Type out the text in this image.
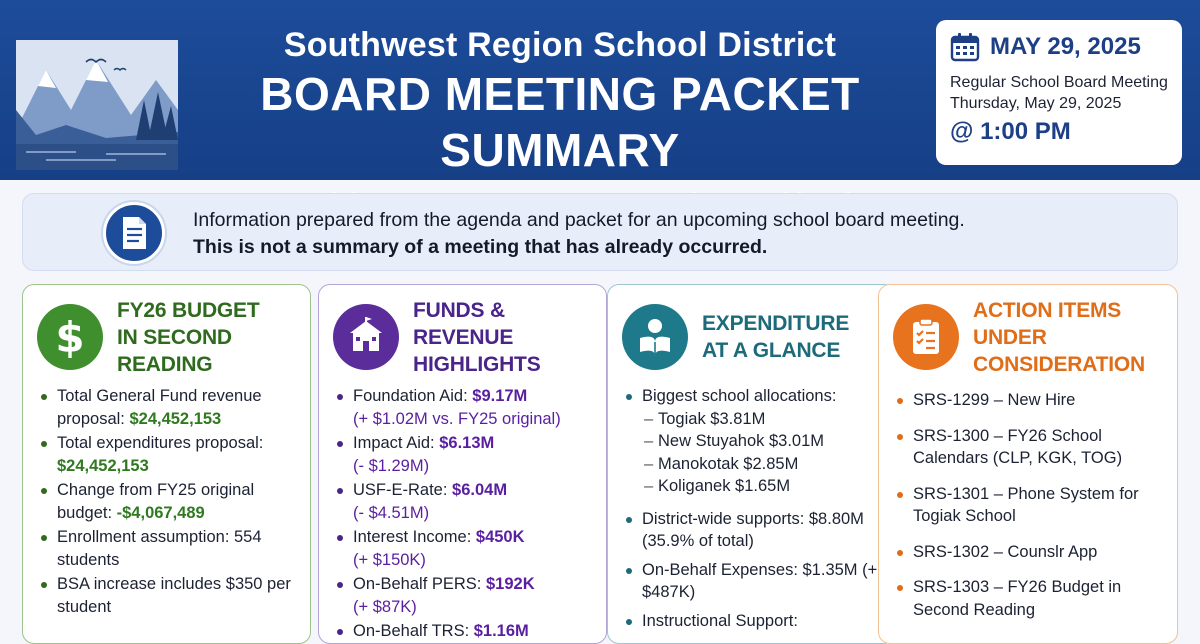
Southwest Region School District
BOARD MEETING PACKET SUMMARY
MAY 29, 2025
Regular School Board Meeting
Thursday, May 29, 2025
@ 1:00 PM
Information prepared from the agenda and packet for an upcoming school board meeting.
This is not a summary of a meeting that has already occurred.
$
FY26 BUDGET
IN SECOND READING
Total General Fund revenue proposal: $24,452,153
Total expenditures proposal: $24,452,153
Change from FY25 original budget: -$4,067,489
Enrollment assumption: 554 students
BSA increase includes $350 per student
FUNDS & REVENUE
HIGHLIGHTS
Foundation Aid: $9.17M
(+ $1.02M vs. FY25 original)
Impact Aid: $6.13M
(- $1.29M)
USF-E-Rate: $6.04M
(- $4.51M)
Interest Income: $450K
(+ $150K)
On-Behalf PERS: $192K
(+ $87K)
On-Behalf TRS: $1.16M
EXPENDITURE
AT A GLANCE
Biggest school allocations:
– Togiak $3.81M
– New Stuyahok $3.01M
– Manokotak $2.85M
– Koliganek $1.65M
District-wide supports: $8.80M (35.9% of total)
On-Behalf Expenses: $1.35M (+ $487K)
Instructional Support:
ACTION ITEMS
UNDER CONSIDERATION
SRS-1299 – New Hire
SRS-1300 – FY26 School Calendars (CLP, KGK, TOG)
SRS-1301 – Phone System for Togiak School
SRS-1302 – Counslr App
SRS-1303 – FY26 Budget in Second Reading
